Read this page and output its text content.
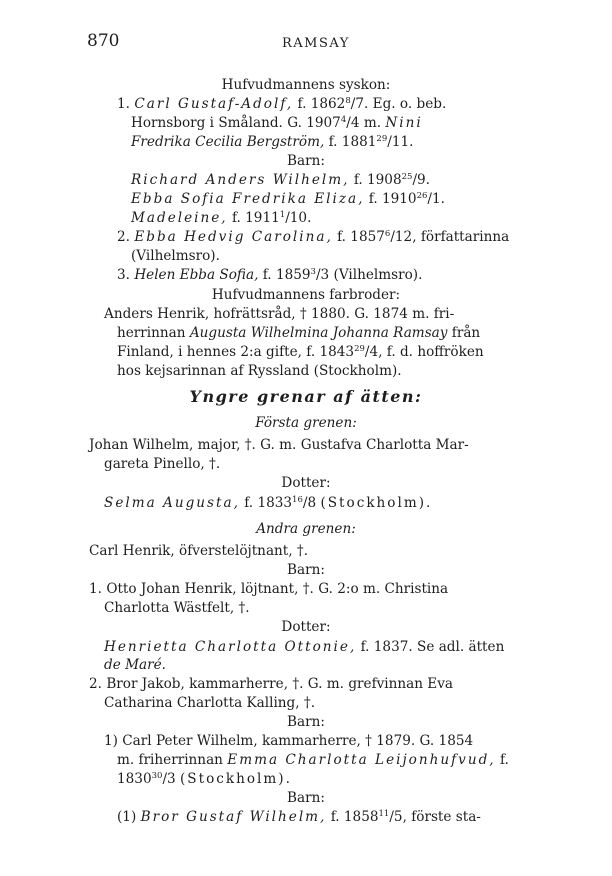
870	RAMSAY
Hufvudmannens syskon:
1. Carl Gustaf-Adolf, f. 1862$^8$/7. Eg. o. beb.
Hornsborg i Småland. G. 1907$^4$/4 m. Nini
Fredrika Cecilia Bergström, f. 1881$^{29}$/11.
Barn:
Richard Anders Wilhelm, f. 1908$^{25}$/9.
Ebba Sofia Fredrika Eliza, f. 1910$^{26}$/1.
Madeleine, f. 1911$^1$/10.
2. Ebba Hedvig Carolina, f. 1857$^6$/12, författarinna
(Vilhelmsro).
3. Helen Ebba Sofia, f. 1859$^3$/3 (Vilhelmsro).
Hufvudmannens farbroder:
Anders Henrik, hofrättsråd, † 1880. G. 1874 m. fri-
herrinnan Augusta Wilhelmina Johanna Ramsay från
Finland, i hennes 2:a gifte, f. 1843$^{29}$/4, f. d. hoffröken
hos kejsarinnan af Ryssland (Stockholm).
Yngre grenar af ätten:
Första grenen:
Johan Wilhelm, major, †. G. m. Gustafva Charlotta Mar-
gareta Pinello, †.
Dotter:
Selma Augusta, f. 1833$^{16}$/8 (Stockholm).
Andra grenen:
Carl Henrik, öfverstelöjtnant, †.
Barn:
1. Otto Johan Henrik, löjtnant, †. G. 2:o m. Christina
Charlotta Wästfelt, †.
Dotter:
Henrietta Charlotta Ottonie, f. 1837. Se adl. ätten
de Maré.
2. Bror Jakob, kammarherre, †. G. m. grefvinnan Eva
Catharina Charlotta Kalling, †.
Barn:
1) Carl Peter Wilhelm, kammarherre, † 1879. G. 1854
m. friherrinnan Emma Charlotta Leijonhufvud, f.
1830$^{30}$/3 (Stockholm).
Barn:
(1) Bror Gustaf Wilhelm, f. 1858$^{11}$/5, förste sta-
